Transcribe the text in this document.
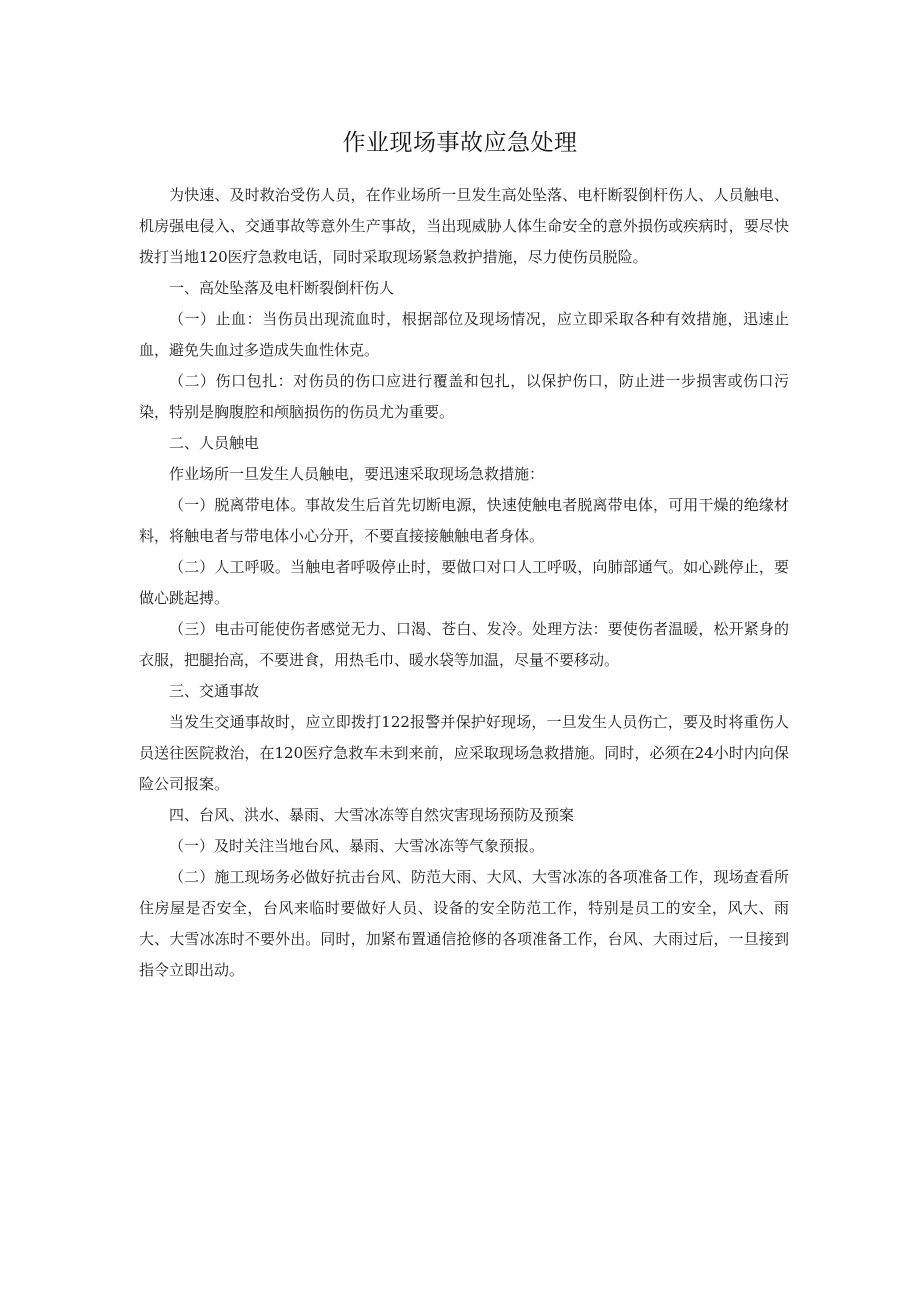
作业现场事故应急处理

为快速、及时救治受伤人员，在作业场所一旦发生高处坠落、电杆断裂倒杆伤人、人员触电、机房强电侵入、交通事故等意外生产事故，当出现威胁人体生命安全的意外损伤或疾病时，要尽快拨打当地120医疗急救电话，同时采取现场紧急救护措施，尽力使伤员脱险。

一、高处坠落及电杆断裂倒杆伤人

（一）止血：当伤员出现流血时，根据部位及现场情况，应立即采取各种有效措施，迅速止血，避免失血过多造成失血性休克。

（二）伤口包扎：对伤员的伤口应进行覆盖和包扎，以保护伤口，防止进一步损害或伤口污染，特别是胸腹腔和颅脑损伤的伤员尤为重要。

二、人员触电

作业场所一旦发生人员触电，要迅速采取现场急救措施：

（一）脱离带电体。事故发生后首先切断电源，快速使触电者脱离带电体，可用干燥的绝缘材料，将触电者与带电体小心分开，不要直接接触触电者身体。

（二）人工呼吸。当触电者呼吸停止时，要做口对口人工呼吸，向肺部通气。如心跳停止，要做心跳起搏。

（三）电击可能使伤者感觉无力、口渴、苍白、发冷。处理方法：要使伤者温暖，松开紧身的衣服，把腿抬高，不要进食，用热毛巾、暖水袋等加温，尽量不要移动。

三、交通事故

当发生交通事故时，应立即拨打122报警并保护好现场，一旦发生人员伤亡，要及时将重伤人员送往医院救治，在120医疗急救车未到来前，应采取现场急救措施。同时，必须在24小时内向保险公司报案。

四、台风、洪水、暴雨、大雪冰冻等自然灾害现场预防及预案

（一）及时关注当地台风、暴雨、大雪冰冻等气象预报。

（二）施工现场务必做好抗击台风、防范大雨、大风、大雪冰冻的各项准备工作，现场查看所住房屋是否安全，台风来临时要做好人员、设备的安全防范工作，特别是员工的安全，风大、雨大、大雪冰冻时不要外出。同时，加紧布置通信抢修的各项准备工作，台风、大雨过后，一旦接到指令立即出动。
